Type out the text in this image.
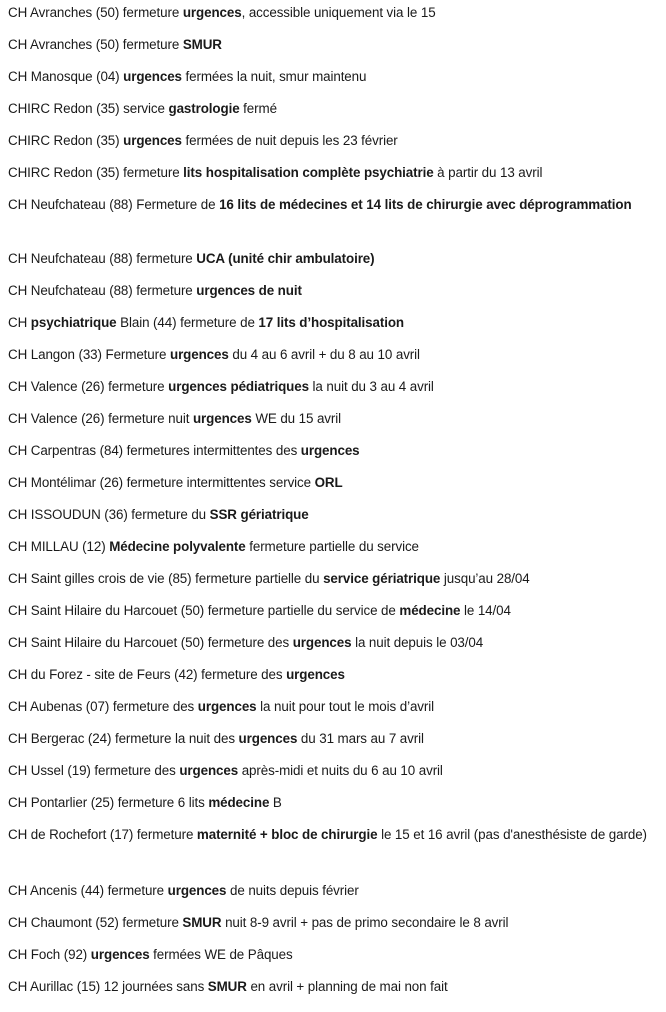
CH Avranches (50) fermeture urgences, accessible uniquement via le 15

CH Avranches (50) fermeture SMUR

CH Manosque (04) urgences fermées la nuit, smur maintenu

CHIRC Redon (35) service gastrologie fermé

CHIRC Redon (35) urgences fermées de nuit depuis les 23 février

CHIRC Redon (35) fermeture lits hospitalisation complète psychiatrie à partir du 13 avril

CH Neufchateau (88) Fermeture de 16 lits de médecines et 14 lits de chirurgie avec déprogrammation

CH Neufchateau (88) fermeture UCA (unité chir ambulatoire)

CH Neufchateau (88) fermeture urgences de nuit

CH psychiatrique Blain (44) fermeture de 17 lits d’hospitalisation

CH Langon (33) Fermeture urgences du 4 au 6 avril + du 8 au 10 avril

CH Valence (26) fermeture urgences pédiatriques la nuit du 3 au 4 avril

CH Valence (26) fermeture nuit urgences WE du 15 avril

CH Carpentras (84) fermetures intermittentes des urgences

CH Montélimar (26) fermeture intermittentes service ORL

CH ISSOUDUN (36) fermeture du SSR gériatrique

CH MILLAU (12) Médecine polyvalente fermeture partielle du service

CH Saint gilles crois de vie (85) fermeture partielle du service gériatrique jusqu’au 28/04

CH Saint Hilaire du Harcouet (50) fermeture partielle du service de médecine le 14/04

CH Saint Hilaire du Harcouet (50) fermeture des urgences la nuit depuis le 03/04

CH du Forez - site de Feurs (42) fermeture des urgences

CH Aubenas (07) fermeture des urgences la nuit pour tout le mois d’avril

CH Bergerac (24) fermeture la nuit des urgences du 31 mars au 7 avril

CH Ussel (19) fermeture des urgences après-midi et nuits du 6 au 10 avril

CH Pontarlier (25) fermeture 6 lits médecine B

CH de Rochefort (17) fermeture maternité + bloc de chirurgie le 15 et 16 avril (pas d'anesthésiste de garde)

CH Ancenis (44) fermeture urgences de nuits depuis février

CH Chaumont (52) fermeture SMUR nuit 8-9 avril + pas de primo secondaire le 8 avril

CH Foch (92) urgences fermées WE de Pâques

CH Aurillac (15) 12 journées sans SMUR en avril + planning de mai non fait
